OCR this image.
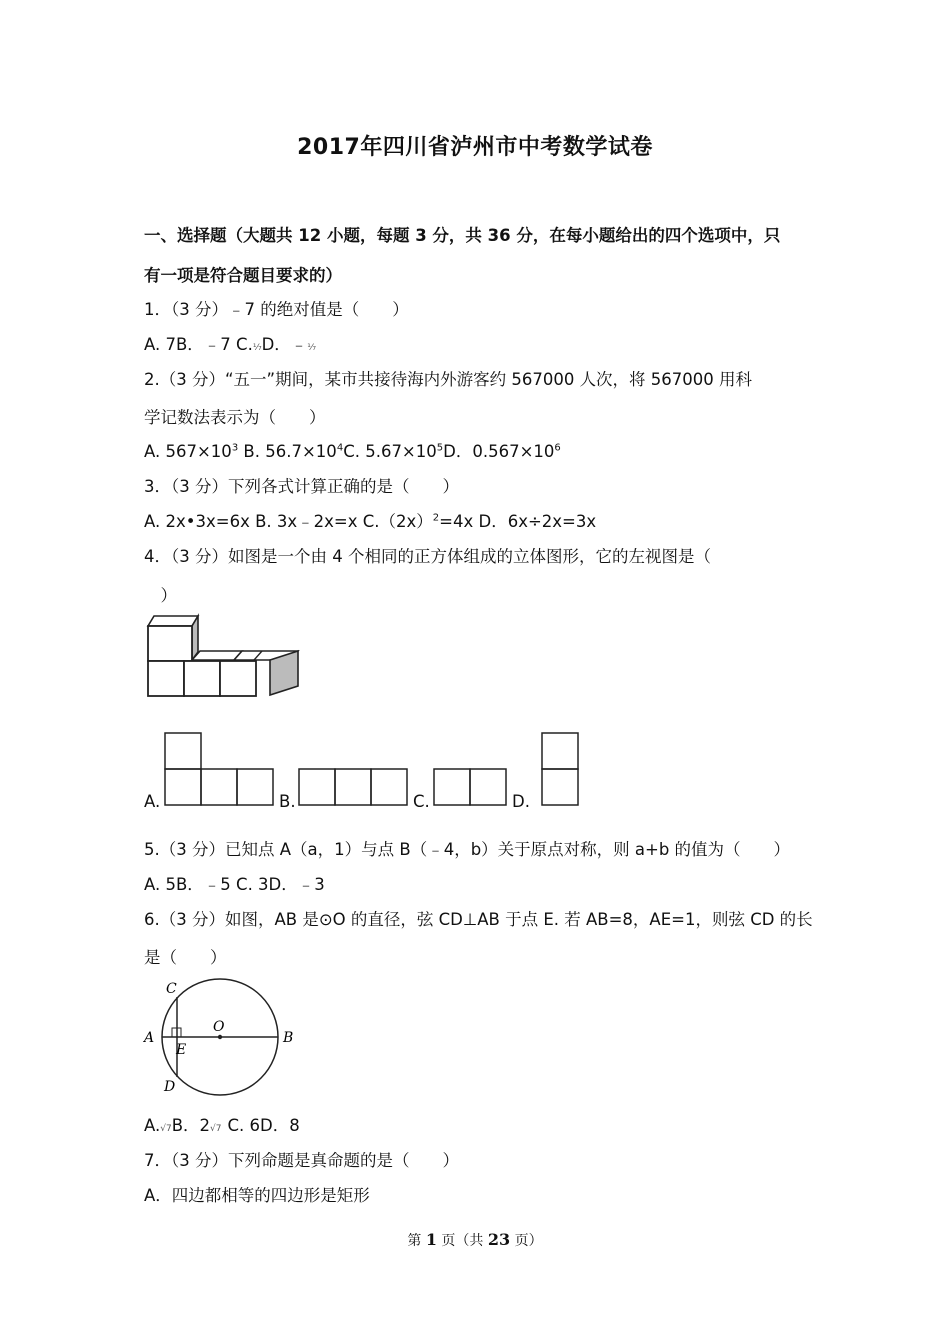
2017年四川省泸州市中考数学试卷
一、选择题（大题共 12 小题，每题 3 分，共 36 分，在每小题给出的四个选项中，只
有一项是符合题目要求的）
1．（3 分）﹣7 的绝对值是（　　）
A. 7B．﹣7 C.⅐D．﹣⅐
2.（3 分）“五一”期间，某市共接待海内外游客约 567000 人次，将 567000 用科
学记数法表示为（　　）
A. $567\times 10^3$ B. $56.7\times 10^4C$. $5.67\times 10^5D$．$0.567\times 10^6$
3．（3 分）下列各式计算正确的是（　　）
A. 2x•3x=6x B. 3x﹣2x=x $C.(2x)^2=4x$ D．6x÷2x=3x
4．（3 分）如图是一个由 4 个相同的正方体组成的立体图形，它的左视图是（
　）
A.	B.	C.	D.
5.（3 分）已知点 A（a，1）与点 B（﹣4，b）关于原点对称，则 a+b 的值为（　　）
A. 5B．﹣5 C. 3D．﹣3
6.（3 分）如图，AB 是⊙O 的直径，弦 CD⊥AB 于点 E. 若 AB=8，AE=1，则弦 CD 的长
是（　　）
C
A
O
B
E
D
A.√7B．2√7 C. 6D．8
7．（3 分）下列命题是真命题的是（　　）
A．四边都相等的四边形是矩形
第 1 页（共 23 页）
